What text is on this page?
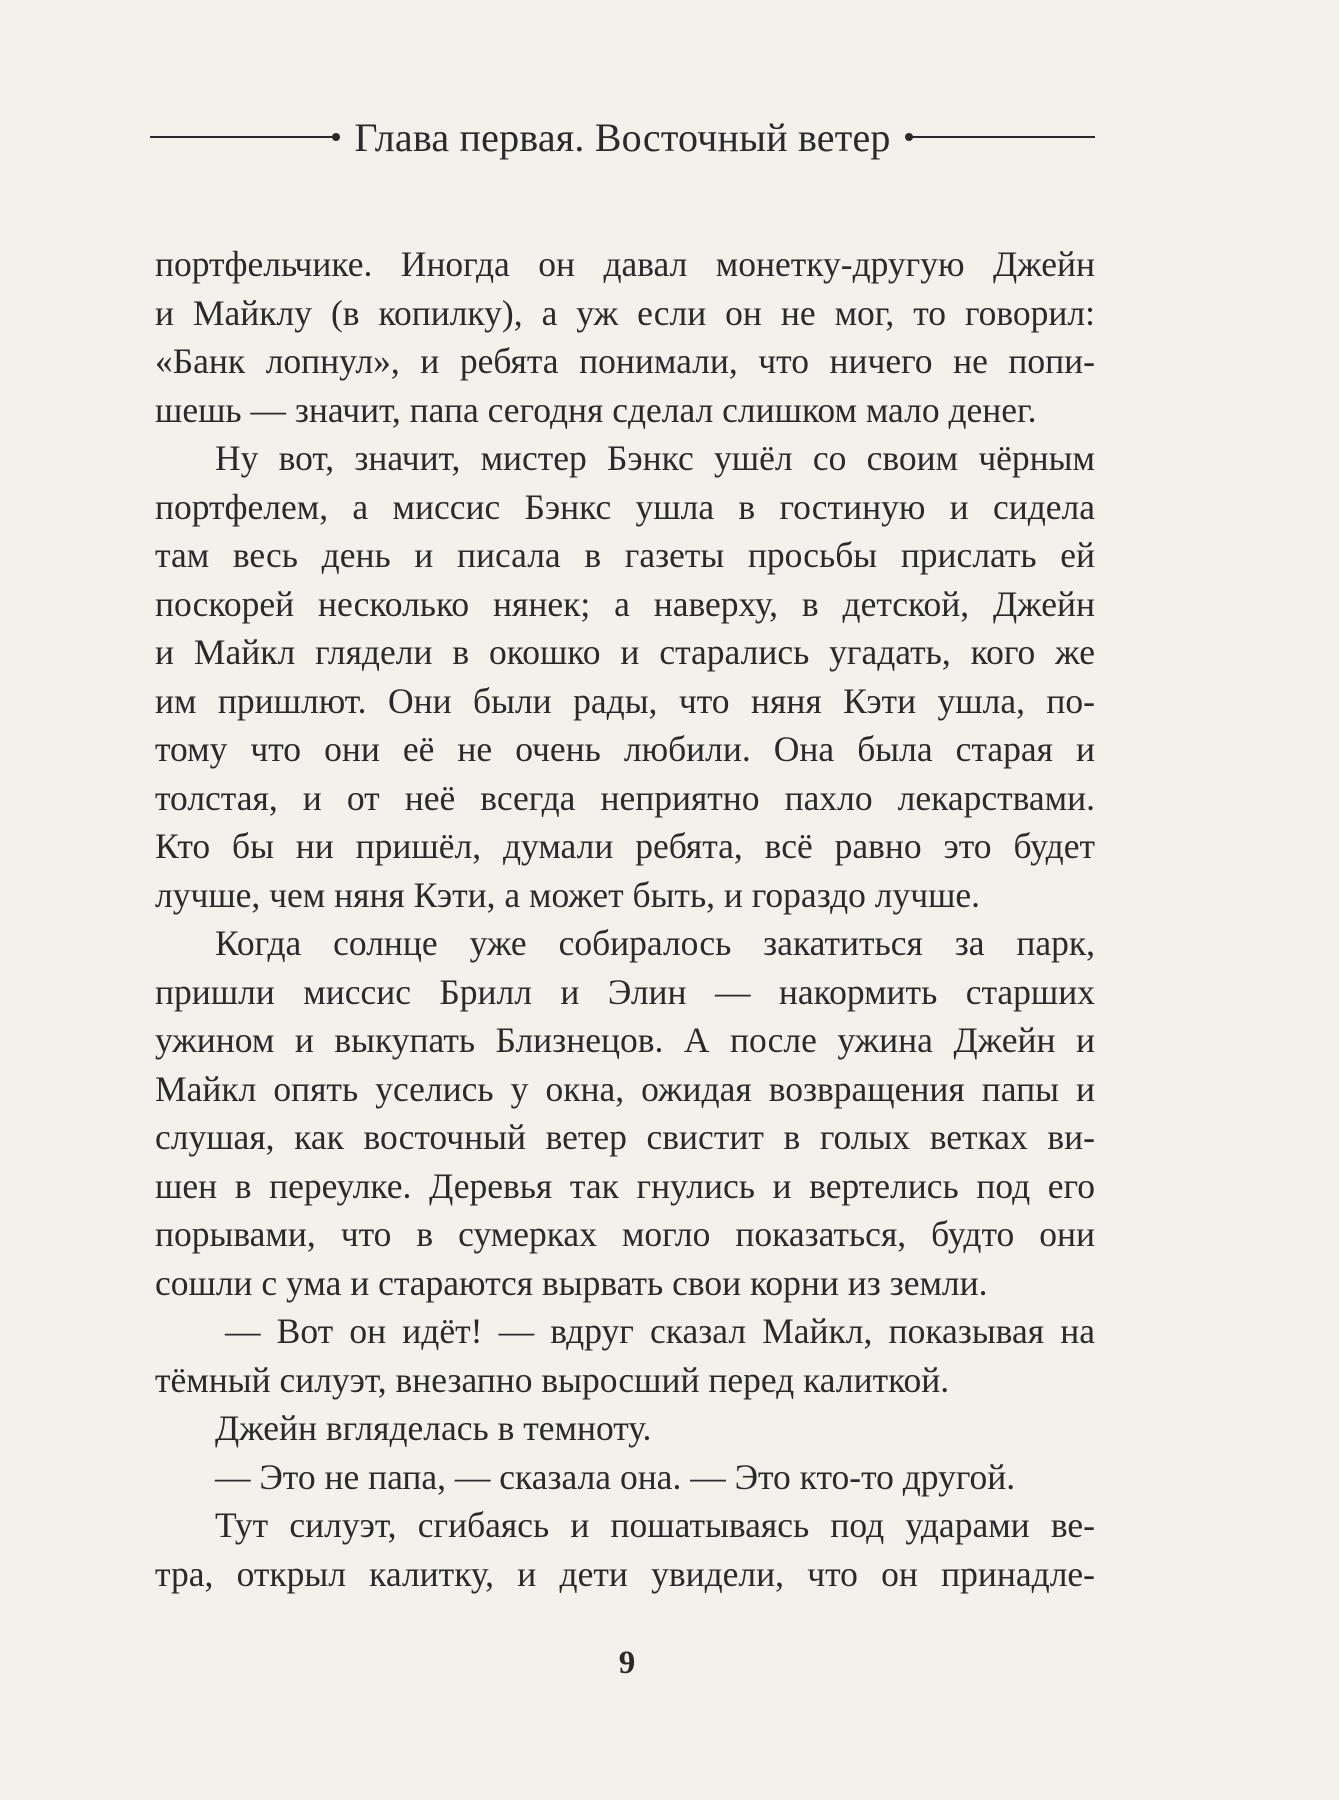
Глава первая. Восточный ветер
портфельчике. Иногда он давал монетку-другую Джейн
и Майклу (в копилку), а уж если он не мог, то говорил:
«Банк лопнул», и ребята понимали, что ничего не попи-
шешь — значит, папа сегодня сделал слишком мало денег.
Ну вот, значит, мистер Бэнкс ушёл со своим чёрным
портфелем, а миссис Бэнкс ушла в гостиную и сидела
там весь день и писала в газеты просьбы прислать ей
поскорей несколько нянек; а наверху, в детской, Джейн
и Майкл глядели в окошко и старались угадать, кого же
им пришлют. Они были рады, что няня Кэти ушла, по-
тому что они её не очень любили. Она была старая и
толстая, и от неё всегда неприятно пахло лекарствами.
Кто бы ни пришёл, думали ребята, всё равно это будет
лучше, чем няня Кэти, а может быть, и гораздо лучше.
Когда солнце уже собиралось закатиться за парк,
пришли миссис Брилл и Элин — накормить старших
ужином и выкупать Близнецов. А после ужина Джейн и
Майкл опять уселись у окна, ожидая возвращения папы и
слушая, как восточный ветер свистит в голых ветках ви-
шен в переулке. Деревья так гнулись и вертелись под его
порывами, что в сумерках могло показаться, будто они
сошли с ума и стараются вырвать свои корни из земли.
— Вот он идёт! — вдруг сказал Майкл, показывая на
тёмный силуэт, внезапно выросший перед калиткой.
Джейн вгляделась в темноту.
— Это не папа, — сказала она. — Это кто-то другой.
Тут силуэт, сгибаясь и пошатываясь под ударами ве-
тра, открыл калитку, и дети увидели, что он принадле-
9
